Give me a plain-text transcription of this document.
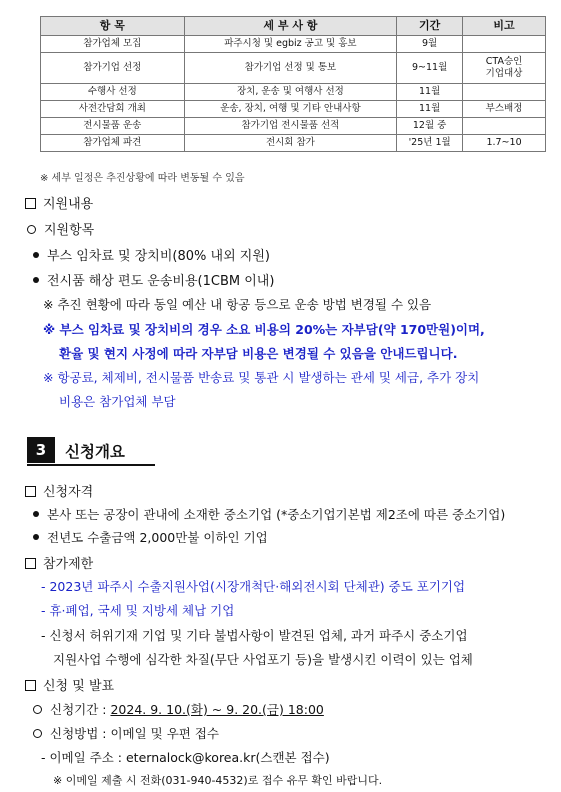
항 목	세 부 사 항	기간	비고
참가업체 모집	파주시청 및 egbiz 공고 및 홍보	9월	
참가기업 선정	참가기업 선정 및 통보	9~11월	CTA승인
기업대상

수행사 선정	장치, 운송 및 여행사 선정	11월	
사전간담회 개최	운송, 장치, 여행 및 기타 안내사항	11월	부스배정
전시물품 운송	참가기업 전시물품 선적	12월 중	
참가업체 파견	전시회 참가	'25년 1월	1.7~10
※ 세부 일정은 추진상황에 따라 변동될 수 있음
지원내용
지원항목
부스 임차료 및 장치비(80% 내외 지원)
전시품 해상 편도 운송비용(1CBM 이내)
※ 추진 현황에 따라 동일 예산 내 항공 등으로 운송 방법 변경될 수 있음
※ 부스 임차료 및 장치비의 경우 소요 비용의 20%는 자부담(약 170만원)이며,
환율 및 현지 사정에 따라 자부담 비용은 변경될 수 있음을 안내드립니다.
※ 항공료, 체제비, 전시물품 반송료 및 통관 시 발생하는 관세 및 세금, 추가 장치
비용은 참가업체 부담
3	신청개요
신청자격
본사 또는 공장이 관내에 소재한 중소기업 (*중소기업기본법 제2조에 따른 중소기업)
전년도 수출금액 2,000만불 이하인 기업
참가제한
- 2023년 파주시 수출지원사업(시장개척단·해외전시회 단체관) 중도 포기기업
- 휴·폐업, 국세 및 지방세 체납 기업
- 신청서 허위기재 기업 및 기타 불법사항이 발견된 업체, 과거 파주시 중소기업
지원사업 수행에 심각한 차질(무단 사업포기 등)을 발생시킨 이력이 있는 업체
신청 및 발표
신청기간 : 2024. 9. 10.(화) ~ 9. 20.(금) 18:00
신청방법 : 이메일 및 우편 접수
- 이메일 주소 : eternalock@korea.kr(스캔본 접수)
※ 이메일 제출 시 전화(031-940-4532)로 접수 유무 확인 바랍니다.
